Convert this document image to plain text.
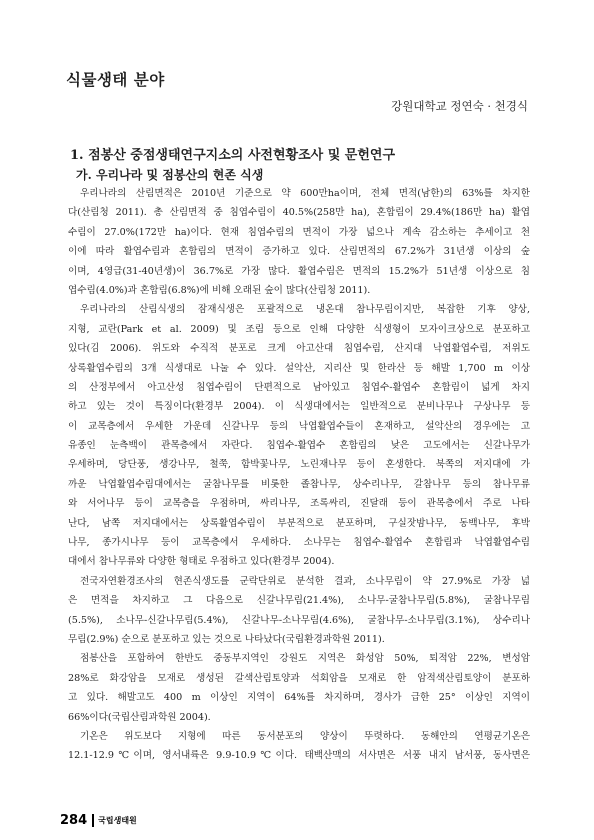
식물생태 분야
강원대학교 정연숙 · 천경식
1. 점봉산 중점생태연구지소의 사전현황조사 및 문헌연구
가. 우리나라 및 점봉산의 현존 식생
우리나라의 산림면적은 2010년 기준으로 약 600만ha이며, 전체 면적(남한)의 63%를 차지한
다(산림청 2011). 총 산림면적 중 침엽수림이 40.5%(258만 ha), 혼합림이 29.4%(186만 ha) 활엽
수림이 27.0%(172만 ha)이다. 현재 침엽수림의 면적이 가장 넓으나 계속 감소하는 추세이고 천
이에 따라 활엽수림과 혼합림의 면적이 증가하고 있다. 산림면적의 67.2%가 31년생 이상의 숲
이며, 4영급(31-40년생)이 36.7%로 가장 많다. 활엽수림은 면적의 15.2%가 51년생 이상으로 침
엽수림(4.0%)과 혼합림(6.8%)에 비해 오래된 숲이 많다(산림청 2011).
우리나라의 산림식생의 잠재식생은 포괄적으로 냉온대 참나무림이지만, 복잡한 기후 양상,
지형, 교란(Park et al. 2009) 및 조림 등으로 인해 다양한 식생형이 모자이크상으로 분포하고
있다(김 2006). 위도와 수직적 분포로 크게 아고산대 침엽수림, 산지대 낙엽활엽수림, 저위도
상록활엽수림의 3개 식생대로 나눌 수 있다. 설악산, 지리산 및 한라산 등 해발 1,700 m 이상
의 산정부에서 아고산성 침엽수림이 단편적으로 남아있고 침엽수-활엽수 혼합림이 넓게 차지
하고 있는 것이 특징이다(환경부 2004). 이 식생대에서는 일반적으로 분비나무나 구상나무 등
이 교목층에서 우세한 가운데 신갈나무 등의 낙엽활엽수들이 혼재하고, 설악산의 경우에는 고
유종인 눈측백이 관목층에서 자란다. 침엽수-활엽수 혼합림의 낮은 고도에서는 신갈나무가
우세하며, 당단풍, 생강나무, 철쭉, 함박꽃나무, 노린재나무 등이 혼생한다. 북쪽의 저지대에 가
까운 낙엽활엽수림대에서는 굴참나무를 비롯한 졸참나무, 상수리나무, 갈참나무 등의 참나무류
와 서어나무 등이 교목층을 우점하며, 싸리나무, 조록싸리, 진달래 등이 관목층에서 주로 나타
난다, 남쪽 저지대에서는 상록활엽수림이 부분적으로 분포하며, 구실잣밤나무, 동백나무, 후박
나무, 종가시나무 등이 교목층에서 우세하다. 소나무는 침엽수-활엽수 혼합림과 낙엽활엽수림
대에서 참나무류와 다양한 형태로 우점하고 있다(환경부 2004).
전국자연환경조사의 현존식생도를 군락단위로 분석한 결과, 소나무림이 약 27.9%로 가장 넓
은 면적을 차지하고 그 다음으로 신갈나무림(21.4%), 소나무-굴참나무림(5.8%), 굴참나무림
(5.5%), 소나무-신갈나무림(5.4%), 신갈나무-소나무림(4.6%), 굴참나무-소나무림(3.1%), 상수리나
무림(2.9%) 순으로 분포하고 있는 것으로 나타났다(국립환경과학원 2011).
점봉산을 포함하여 한반도 중동부지역인 강원도 지역은 화성암 50%, 퇴적암 22%, 변성암
28%로 화강암을 모재로 생성된 갈색산림토양과 석회암을 모재로 한 암적색산림토양이 분포하
고 있다. 해발고도 400 m 이상인 지역이 64%를 차지하며, 경사가 급한 25° 이상인 지역이
66%이다(국립산림과학원 2004).
기온은 위도보다 지형에 따른 동서분포의 양상이 뚜렷하다. 동해안의 연평균기온은
12.1-12.9℃이며, 영서내륙은 9.9-10.9℃이다. 태백산맥의 서사면은 서풍 내지 남서풍, 동사면은
284 국립생태원
